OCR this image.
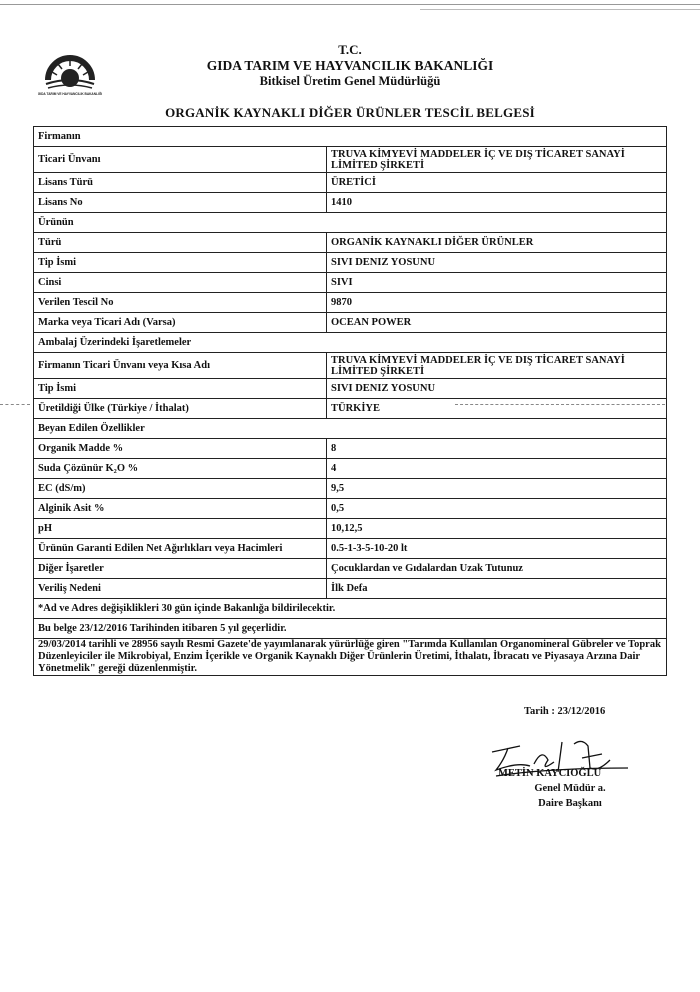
GIDA TARIM VE HAYVANCILIK BAKANLIĞI
T.C.
GIDA TARIM VE HAYVANCILIK BAKANLIĞI
Bitkisel Üretim Genel Müdürlüğü
ORGANİK KAYNAKLI DİĞER ÜRÜNLER TESCİL BELGESİ
Firmanın	
Ticari Ünvanı	TRUVA KİMYEVİ MADDELER İÇ VE DIŞ TİCARET SANAYİ LİMİTED ŞİRKETİ
Lisans Türü	ÜRETİCİ
Lisans No	1410
Ürünün	
Türü	ORGANİK KAYNAKLI DİĞER ÜRÜNLER
Tip İsmi	SIVI DENIZ YOSUNU
Cinsi	SIVI
Verilen Tescil No	9870
Marka veya Ticari Adı (Varsa)	OCEAN POWER
Ambalaj Üzerindeki İşaretlemeler	
Firmanın Ticari Ünvanı veya Kısa Adı	TRUVA KİMYEVİ MADDELER İÇ VE DIŞ TİCARET SANAYİ LİMİTED ŞİRKETİ
Tip İsmi	SIVI DENIZ YOSUNU
Üretildiği Ülke (Türkiye / İthalat)	TÜRKİYE
Beyan Edilen Özellikler	
Organik Madde %	8
Suda Çözünür K₂O %	4
EC (dS/m)	9,5
Alginik Asit %	0,5
pH	10,12,5
Ürünün Garanti Edilen Net Ağırlıkları veya Hacimleri	0.5-1-3-5-10-20 lt
Diğer İşaretler	Çocuklardan ve Gıdalardan Uzak Tutunuz
Veriliş Nedeni	İlk Defa
*Ad ve Adres değişiklikleri 30 gün içinde Bakanlığa bildirilecektir.	
Bu belge 23/12/2016 Tarihinden itibaren 5 yıl geçerlidir.	
29/03/2014 tarihli ve 28956 sayılı Resmi Gazete'de yayımlanarak yürürlüğe giren "Tarımda Kullanılan Organomineral Gübreler ve Toprak Düzenleyiciler ile Mikrobiyal, Enzim İçerikle ve Organik Kaynaklı Diğer Ürünlerin Üretimi, İthalatı, İbracatı ve Piyasaya Arzına Dair Yönetmelik" gereği düzenlenmiştir.	
Tarih : 23/12/2016
METİN KAYCIOĞLU
Genel Müdür a.
Daire Başkanı
